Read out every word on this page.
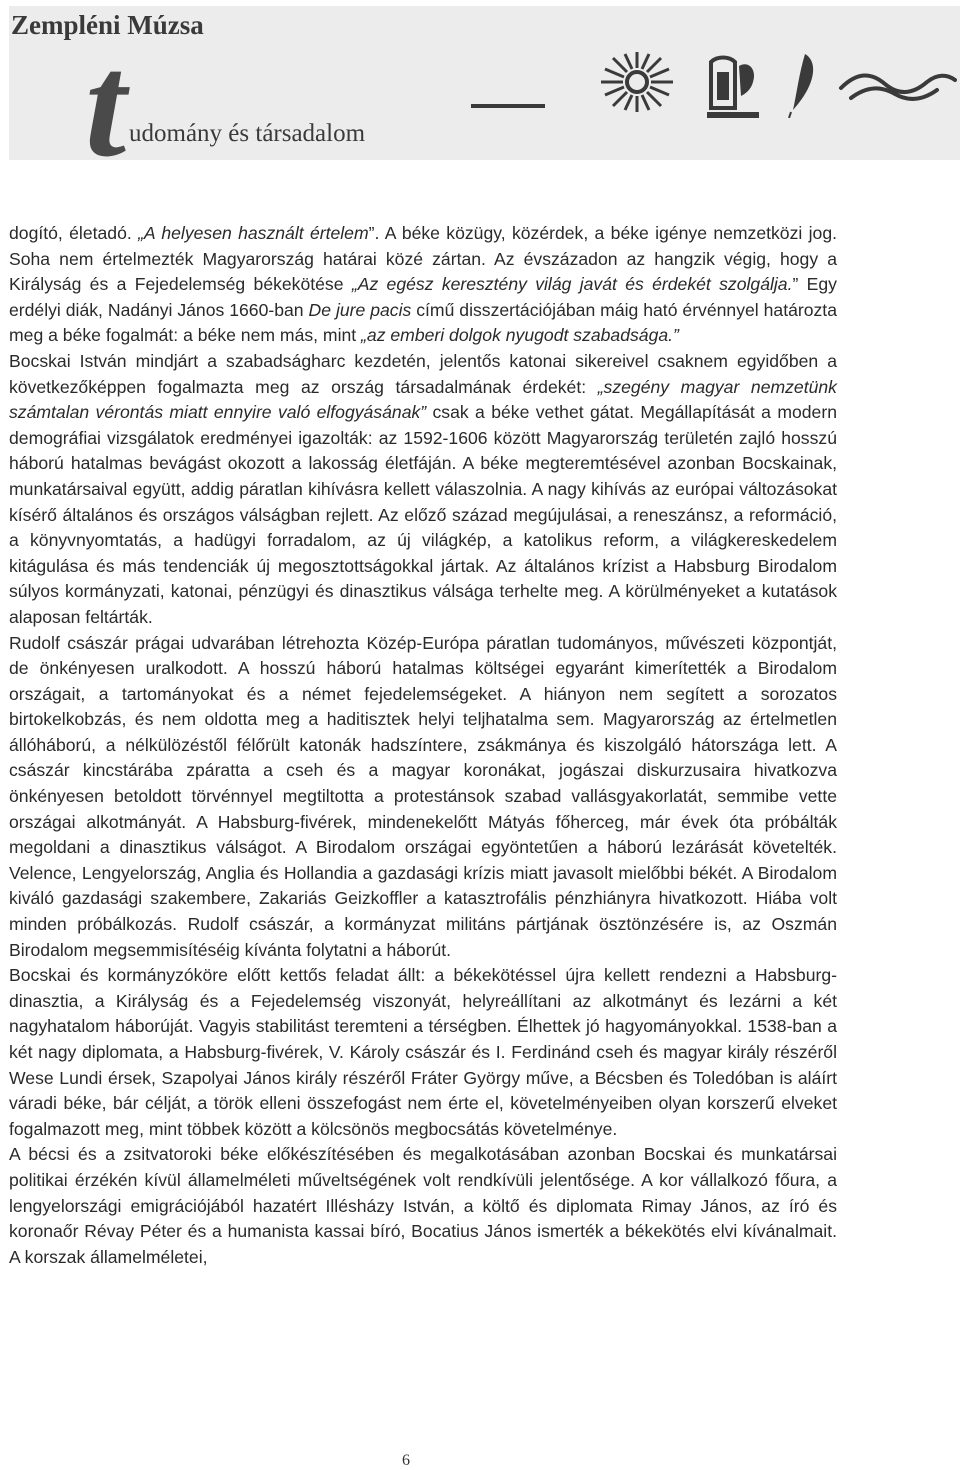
Zempléni Múzsa
t udomány és társadalom

dogító, életadó. „A helyesen használt értelem”. A béke közügy, közérdek, a béke igénye nemzetközi jog. Soha nem értelmezték Magyarország határai közé zártan. Az évszázadon az hangzik végig, hogy a Királyság és a Fejedelemség békekötése „Az egész keresztény világ javát és érdekét szolgálja.” Egy erdélyi diák, Nadányi János 1660-ban De jure pacis című disszertációjában máig ható érvénnyel határozta meg a béke fogalmát: a béke nem más, mint „az emberi dolgok nyugodt szabadsága.”

Bocskai István mindjárt a szabadságharc kezdetén, jelentős katonai sikereivel csaknem egyidőben a következőképpen fogalmazta meg az ország társadalmának érdekét: „szegény magyar nemzetünk számtalan vérontás miatt ennyire való elfogyásának” csak a béke vethet gátat. Megállapítását a modern demográfiai vizsgálatok eredményei igazolták: az 1592-1606 között Magyarország területén zajló hosszú háború hatalmas bevágást okozott a lakosság életfáján. A béke megteremtésével azonban Bocskainak, munkatársaival együtt, addig páratlan kihívásra kellett válaszolnia. A nagy kihívás az európai változásokat kísérő általános és országos válságban rejlett. Az előző század megújulásai, a reneszánsz, a reformáció, a könyvnyomtatás, a hadügyi forradalom, az új világkép, a katolikus reform, a világkereskedelem kitágulása és más tendenciák új megosztottságokkal jártak. Az általános krízist a Habsburg Birodalom súlyos kormányzati, katonai, pénzügyi és dinasztikus válsága terhelte meg. A körülményeket a kutatások alaposan feltárták.

Rudolf császár prágai udvarában létrehozta Közép-Európa páratlan tudományos, művészeti központját, de önkényesen uralkodott. A hosszú háború hatalmas költségei egyaránt kimerítették a Birodalom országait, a tartományokat és a német fejedelemségeket. A hiányon nem segített a sorozatos birtokelkobzás, és nem oldotta meg a haditisztek helyi teljhatalma sem. Magyarország az értelmetlen állóháború, a nélkülözéstől félőrült katonák hadszíntere, zsákmánya és kiszolgáló hátországa lett. A császár kincstárába zpáratta a cseh és a magyar koronákat, jogászai diskurzusaira hivatkozva önkényesen betoldott törvénnyel megtiltotta a protestánsok szabad vallásgyakorlatát, semmibe vette országai alkotmányát. A Habsburg-fivérek, mindenekelőtt Mátyás főherceg, már évek óta próbálták megoldani a dinasztikus válságot. A Birodalom országai egyöntetűen a háború lezárását követelték. Velence, Lengyelország, Anglia és Hollandia a gazdasági krízis miatt javasolt mielőbbi békét. A Birodalom kiváló gazdasági szakembere, Zakariás Geizkoffler a katasztrofális pénzhiányra hivatkozott. Hiába volt minden próbálkozás. Rudolf császár, a kormányzat militáns pártjának ösztönzésére is, az Oszmán Birodalom megsemmisítéséig kívánta folytatni a háborút.

Bocskai és kormányzóköre előtt kettős feladat állt: a békekötéssel újra kellett rendezni a Habsburg-dinasztia, a Királyság és a Fejedelemség viszonyát, helyreállítani az alkotmányt és lezárni a két nagyhatalom háborúját. Vagyis stabilitást teremteni a térségben. Élhettek jó hagyományokkal. 1538-ban a két nagy diplomata, a Habsburg-fivérek, V. Károly császár és I. Ferdinánd cseh és magyar király részéről Wese Lundi érsek, Szapolyai János király részéről Fráter György műve, a Bécsben és Toledóban is aláírt váradi béke, bár célját, a török elleni összefogást nem érte el, követelményeiben olyan korszerű elveket fogalmazott meg, mint többek között a kölcsönös megbocsátás követelménye.

A bécsi és a zsitvatoroki béke előkészítésében és megalkotásában azonban Bocskai és munkatársai politikai érzékén kívül államelméleti műveltségének volt rendkívüli jelentősége. A kor vállalkozó főura, a lengyelországi emigrációjából hazatért Illésházy István, a költő és diplomata Rimay János, az író és koronaőr Révay Péter és a humanista kassai bíró, Bocatius János ismerték a békekötés elvi kívánalmait. A korszak államelméletei,

6
